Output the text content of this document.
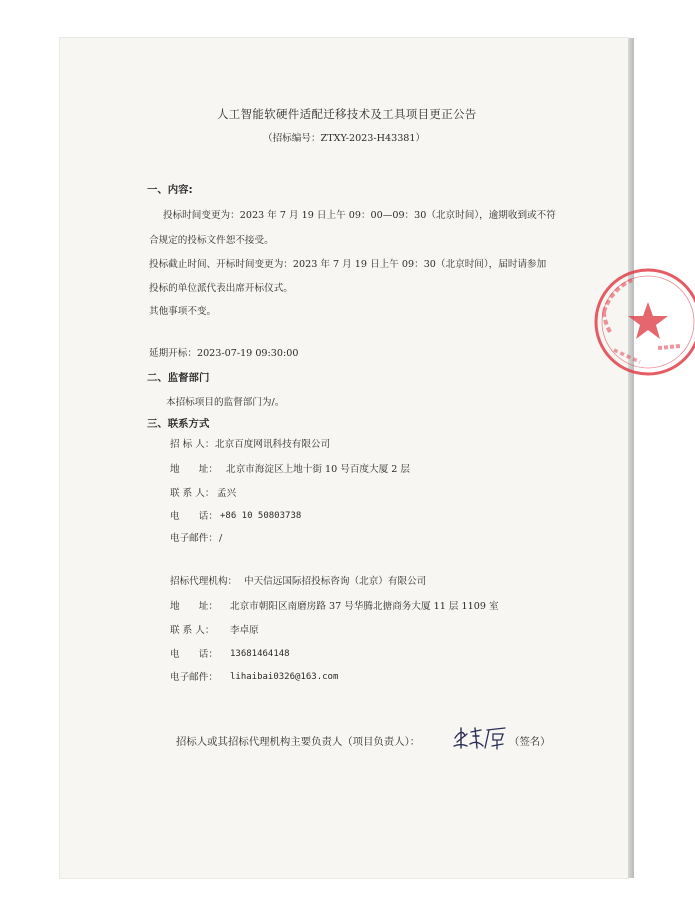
人工智能软硬件适配迁移技术及工具项目更正公告
（招标编号：ZTXY-2023-H43381）
一、内容:
投标时间变更为：2023 年 7 月 19 日上午 09：00—09：30（北京时间），逾期收到或不符
合规定的投标文件恕不接受。
投标截止时间、开标时间变更为：2023 年 7 月 19 日上午 09：30（北京时间），届时请参加
投标的单位派代表出席开标仪式。
其他事项不变。
延期开标：2023-07-19 09:30:00
二、监督部门
本招标项目的监督部门为/。
三、联系方式
招 标 人： 北京百度网讯科技有限公司
地　　址： 北京市海淀区上地十街 10 号百度大厦 2 层
联 系 人： 孟兴
电　　话： +86 10 50803738
电子邮件： /
招标代理机构： 中天信远国际招投标咨询（北京）有限公司
地　　址： 北京市朝阳区南磨房路 37 号华腾北搪商务大厦 11 层 1109 室
联 系 人： 李卓原
电　　话： 13681464148
电子邮件： lihaibai0326@163.com
招标人或其招标代理机构主要负责人（项目负责人）：	（签名）
